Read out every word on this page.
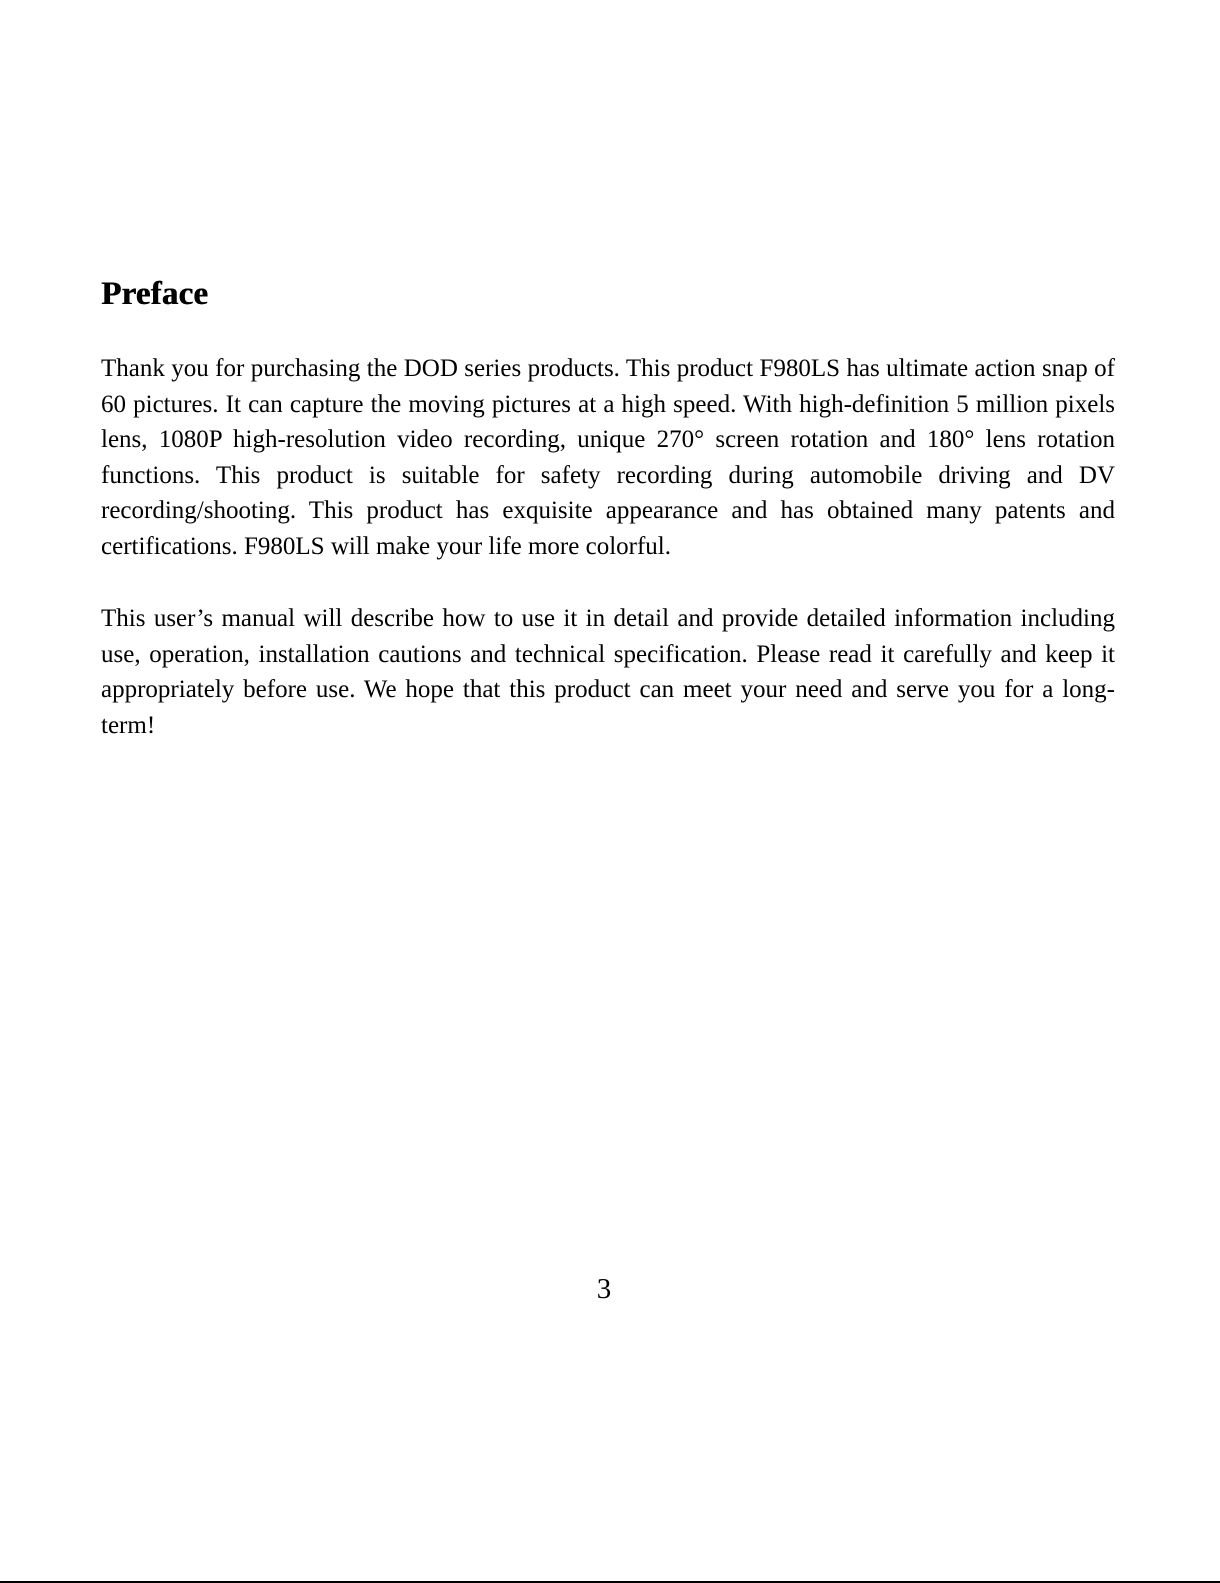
Preface

Thank you for purchasing the DOD series products. This product F980LS has ultimate action snap of 60 pictures. It can capture the moving pictures at a high speed. With high-definition 5 million pixels lens, 1080P high-resolution video recording, unique 270° screen rotation and 180° lens rotation functions. This product is suitable for safety recording during automobile driving and DV recording/shooting. This product has exquisite appearance and has obtained many patents and certifications. F980LS will make your life more colorful.

This user’s manual will describe how to use it in detail and provide detailed information including use, operation, installation cautions and technical specification. Please read it carefully and keep it appropriately before use. We hope that this product can meet your need and serve you for a long-term!

3
